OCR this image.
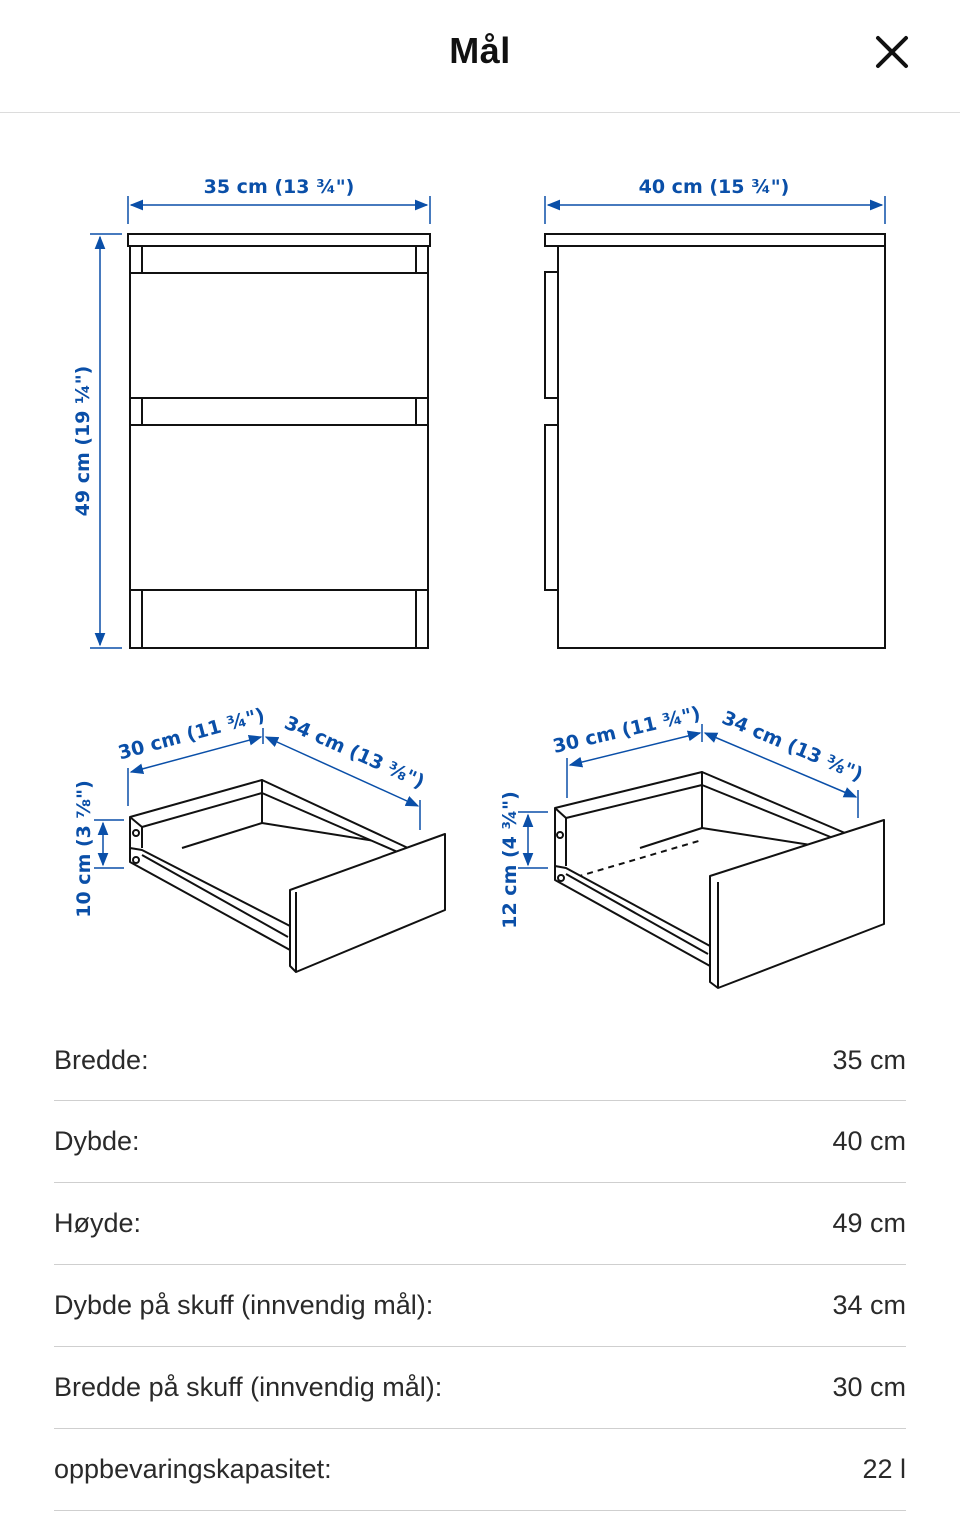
Mål
35 cm (13 ¾")
49 cm (19 ¼")
40 cm (15 ¾")
30 cm (11 ¾") 34 cm (13 ⅜")
10 cm (3 ⅞")
30 cm (11 ¾") 34 cm (13 ⅜")
12 cm (4 ¾")
Bredde:	35 cm
Dybde:	40 cm
Høyde:	49 cm
Dybde på skuff (innvendig mål):	34 cm
Bredde på skuff (innvendig mål):	30 cm
oppbevaringskapasitet:	22 l
